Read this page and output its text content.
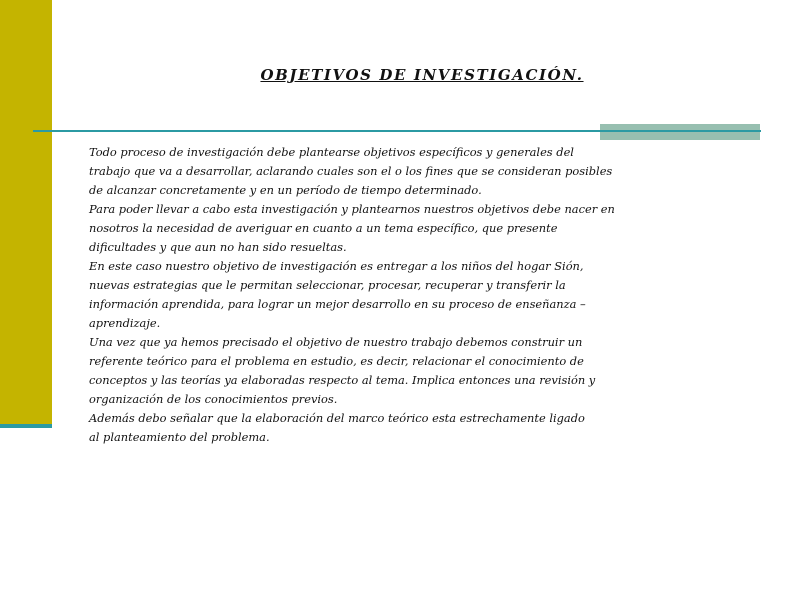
OBJETIVOS DE INVESTIGACIÓN.
Todo proceso de investigación debe plantearse objetivos específicos y generales del
trabajo que va a desarrollar, aclarando cuales son el o los fines que se consideran posibles
de alcanzar concretamente y en un período de tiempo determinado.
Para poder llevar a cabo esta investigación y plantearnos nuestros objetivos debe nacer en
nosotros la necesidad de averiguar en cuanto a un tema específico, que presente
dificultades y que aun no han sido resueltas.
En este caso nuestro objetivo de investigación es entregar a los niños del hogar Sión,
nuevas estrategias que le permitan seleccionar, procesar, recuperar y transferir la
información aprendida, para lograr un mejor desarrollo en su proceso de enseñanza –
aprendizaje.
Una vez que ya hemos precisado el objetivo de nuestro trabajo debemos construir un
referente teórico para el problema en estudio, es decir, relacionar el conocimiento de
conceptos y las teorías ya elaboradas respecto al tema. Implica entonces una revisión y
organización de los conocimientos previos.
Además debo señalar que la elaboración del marco teórico esta estrechamente ligado
al planteamiento del problema.
